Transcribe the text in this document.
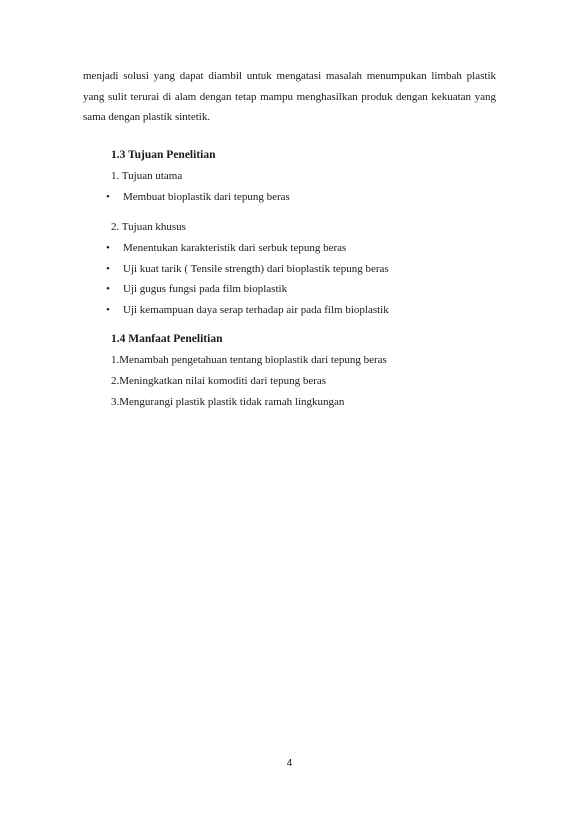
menjadi solusi yang dapat diambil untuk mengatasi masalah menumpukan limbah plastik yang sulit terurai di alam dengan tetap mampu menghasilkan produk dengan kekuatan yang sama dengan plastik sintetik.
1.3 Tujuan Penelitian
1. Tujuan utama
• Membuat bioplastik dari tepung beras
2. Tujuan khusus
• Menentukan karakteristik dari serbuk tepung beras
• Uji kuat tarik ( Tensile strength) dari bioplastik tepung beras
• Uji gugus fungsi pada film bioplastik
• Uji kemampuan daya serap terhadap air pada film bioplastik
1.4 Manfaat Penelitian
1.Menambah pengetahuan tentang bioplastik dari tepung beras
2.Meningkatkan nilai komoditi dari tepung beras
3.Mengurangi plastik plastik tidak ramah lingkungan
4
